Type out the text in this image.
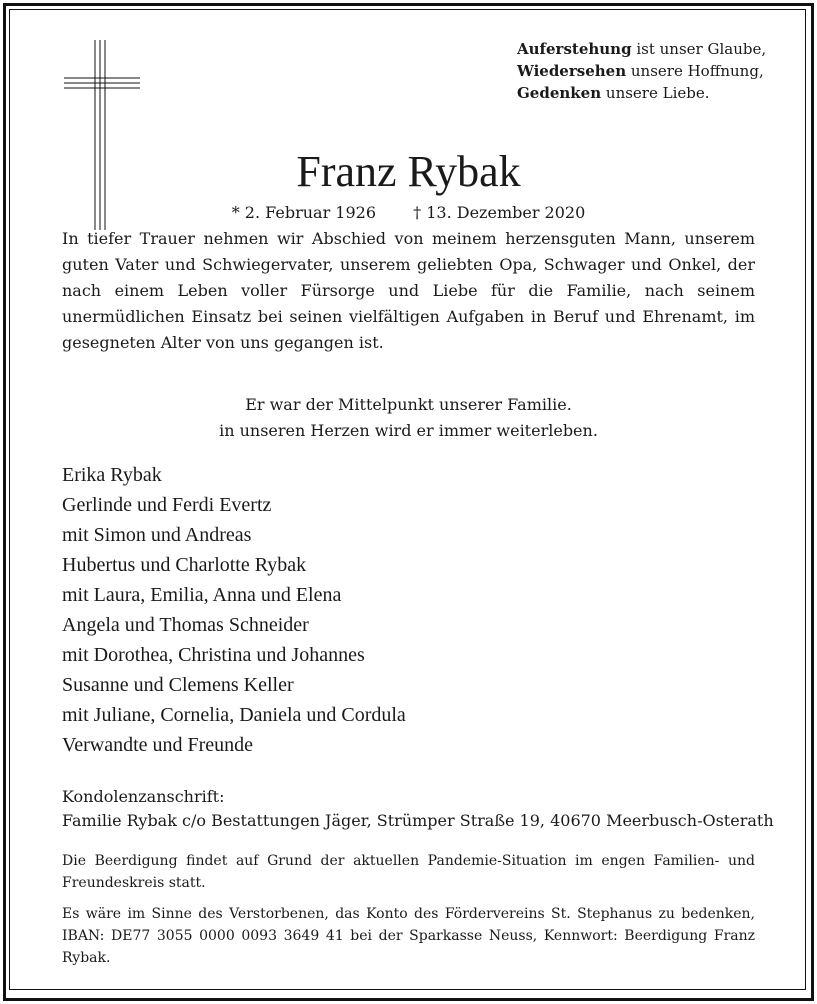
Auferstehung ist unser Glaube,
Wiedersehen unsere Hoffnung,
Gedenken unsere Liebe.
Franz Rybak
* 2. Februar 1926 † 13. Dezember 2020
In tiefer Trauer nehmen wir Abschied von meinem herzensguten Mann, unserem guten Vater und Schwiegervater, unserem geliebten Opa, Schwager und Onkel, der nach einem Leben voller Fürsorge und Liebe für die Familie, nach seinem unermüdlichen Einsatz bei seinen vielfältigen Aufgaben in Beruf und Ehrenamt, im gesegneten Alter von uns gegangen ist.
Er war der Mittelpunkt unserer Familie.
in unseren Herzen wird er immer weiterleben.
Erika Rybak
Gerlinde und Ferdi Evertz
mit Simon und Andreas
Hubertus und Charlotte Rybak
mit Laura, Emilia, Anna und Elena
Angela und Thomas Schneider
mit Dorothea, Christina und Johannes
Susanne und Clemens Keller
mit Juliane, Cornelia, Daniela und Cordula
Verwandte und Freunde
Kondolenzanschrift:
Familie Rybak c/o Bestattungen Jäger, Strümper Straße 19, 40670 Meerbusch-Osterath
Die Beerdigung findet auf Grund der aktuellen Pandemie-Situation im engen Familien- und Freundeskreis statt.
Es wäre im Sinne des Verstorbenen, das Konto des Fördervereins St. Stephanus zu bedenken, IBAN: DE77 3055 0000 0093 3649 41 bei der Sparkasse Neuss, Kennwort: Beerdigung Franz Rybak.
